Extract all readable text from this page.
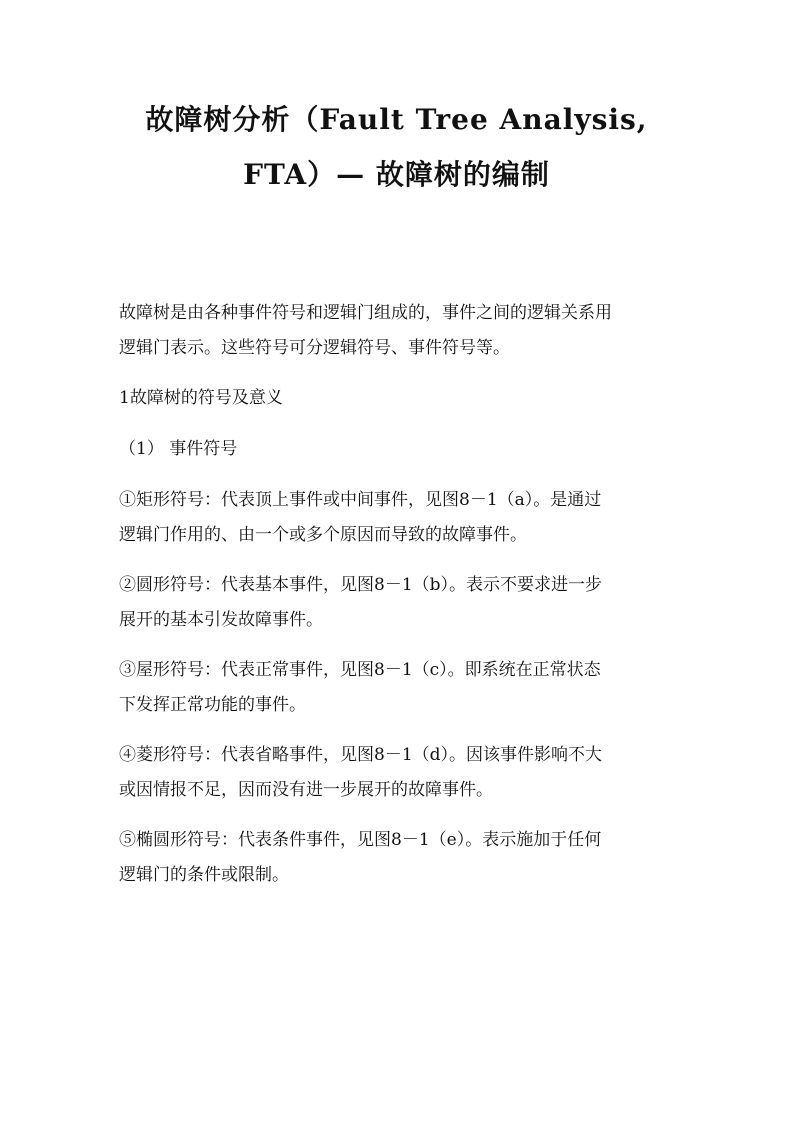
故障树分析（Fault Tree Analysis,
FTA）— 故障树的编制
故障树是由各种事件符号和逻辑门组成的，事件之间的逻辑关系用
逻辑门表示。这些符号可分逻辑符号、事件符号等。
1故障树的符号及意义
（1） 事件符号
①矩形符号：代表顶上事件或中间事件，见图8－1（a）。是通过
逻辑门作用的、由一个或多个原因而导致的故障事件。
②圆形符号：代表基本事件，见图8－1（b）。表示不要求进一步
展开的基本引发故障事件。
③屋形符号：代表正常事件，见图8－1（c）。即系统在正常状态
下发挥正常功能的事件。
④菱形符号：代表省略事件，见图8－1（d）。因该事件影响不大
或因情报不足，因而没有进一步展开的故障事件。
⑤椭圆形符号：代表条件事件，见图8－1（e）。表示施加于任何
逻辑门的条件或限制。
